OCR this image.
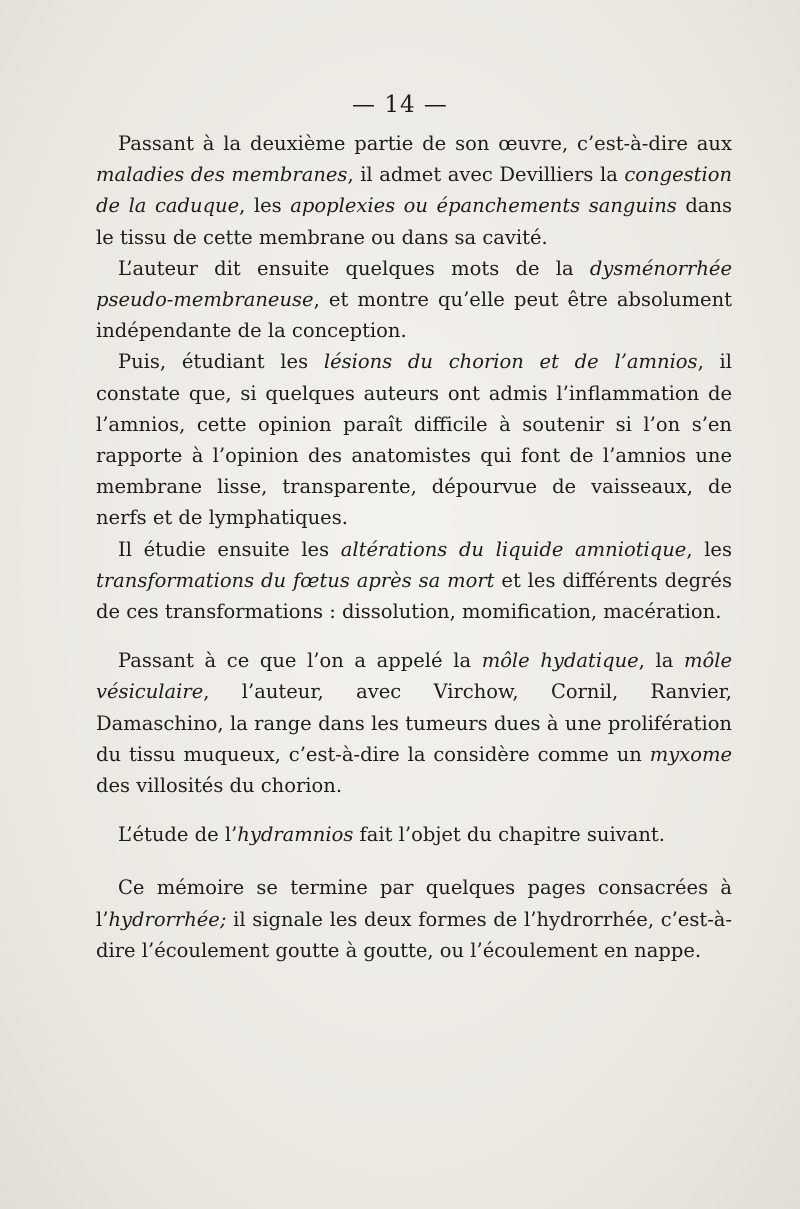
— 14 —

Passant à la deuxième partie de son œuvre, c’est-à-dire aux maladies des membranes, il admet avec Devilliers la congestion de la caduque, les apoplexies ou épanchements sanguins dans le tissu de cette membrane ou dans sa cavité.

L’auteur dit ensuite quelques mots de la dysménorrhée pseudo-membraneuse, et montre qu’elle peut être absolument indépendante de la conception.

Puis, étudiant les lésions du chorion et de l’amnios, il constate que, si quelques auteurs ont admis l’inflammation de l’amnios, cette opinion paraît difficile à soutenir si l’on s’en rapporte à l’opinion des anatomistes qui font de l’amnios une membrane lisse, transparente, dépourvue de vaisseaux, de nerfs et de lymphatiques.

Il étudie ensuite les altérations du liquide amniotique, les transformations du fœtus après sa mort et les différents degrés de ces transformations : dissolution, momification, macération.

Passant à ce que l’on a appelé la môle hydatique, la môle vésiculaire, l’auteur, avec Virchow, Cornil, Ranvier, Damaschino, la range dans les tumeurs dues à une prolifération du tissu muqueux, c’est-à-dire la considère comme un myxome des villosités du chorion.

L’étude de l’hydramnios fait l’objet du chapitre suivant.

Ce mémoire se termine par quelques pages consacrées à l’hydrorrhée; il signale les deux formes de l’hydrorrhée, c’est-à-dire l’écoulement goutte à goutte, ou l’écoulement en nappe.
